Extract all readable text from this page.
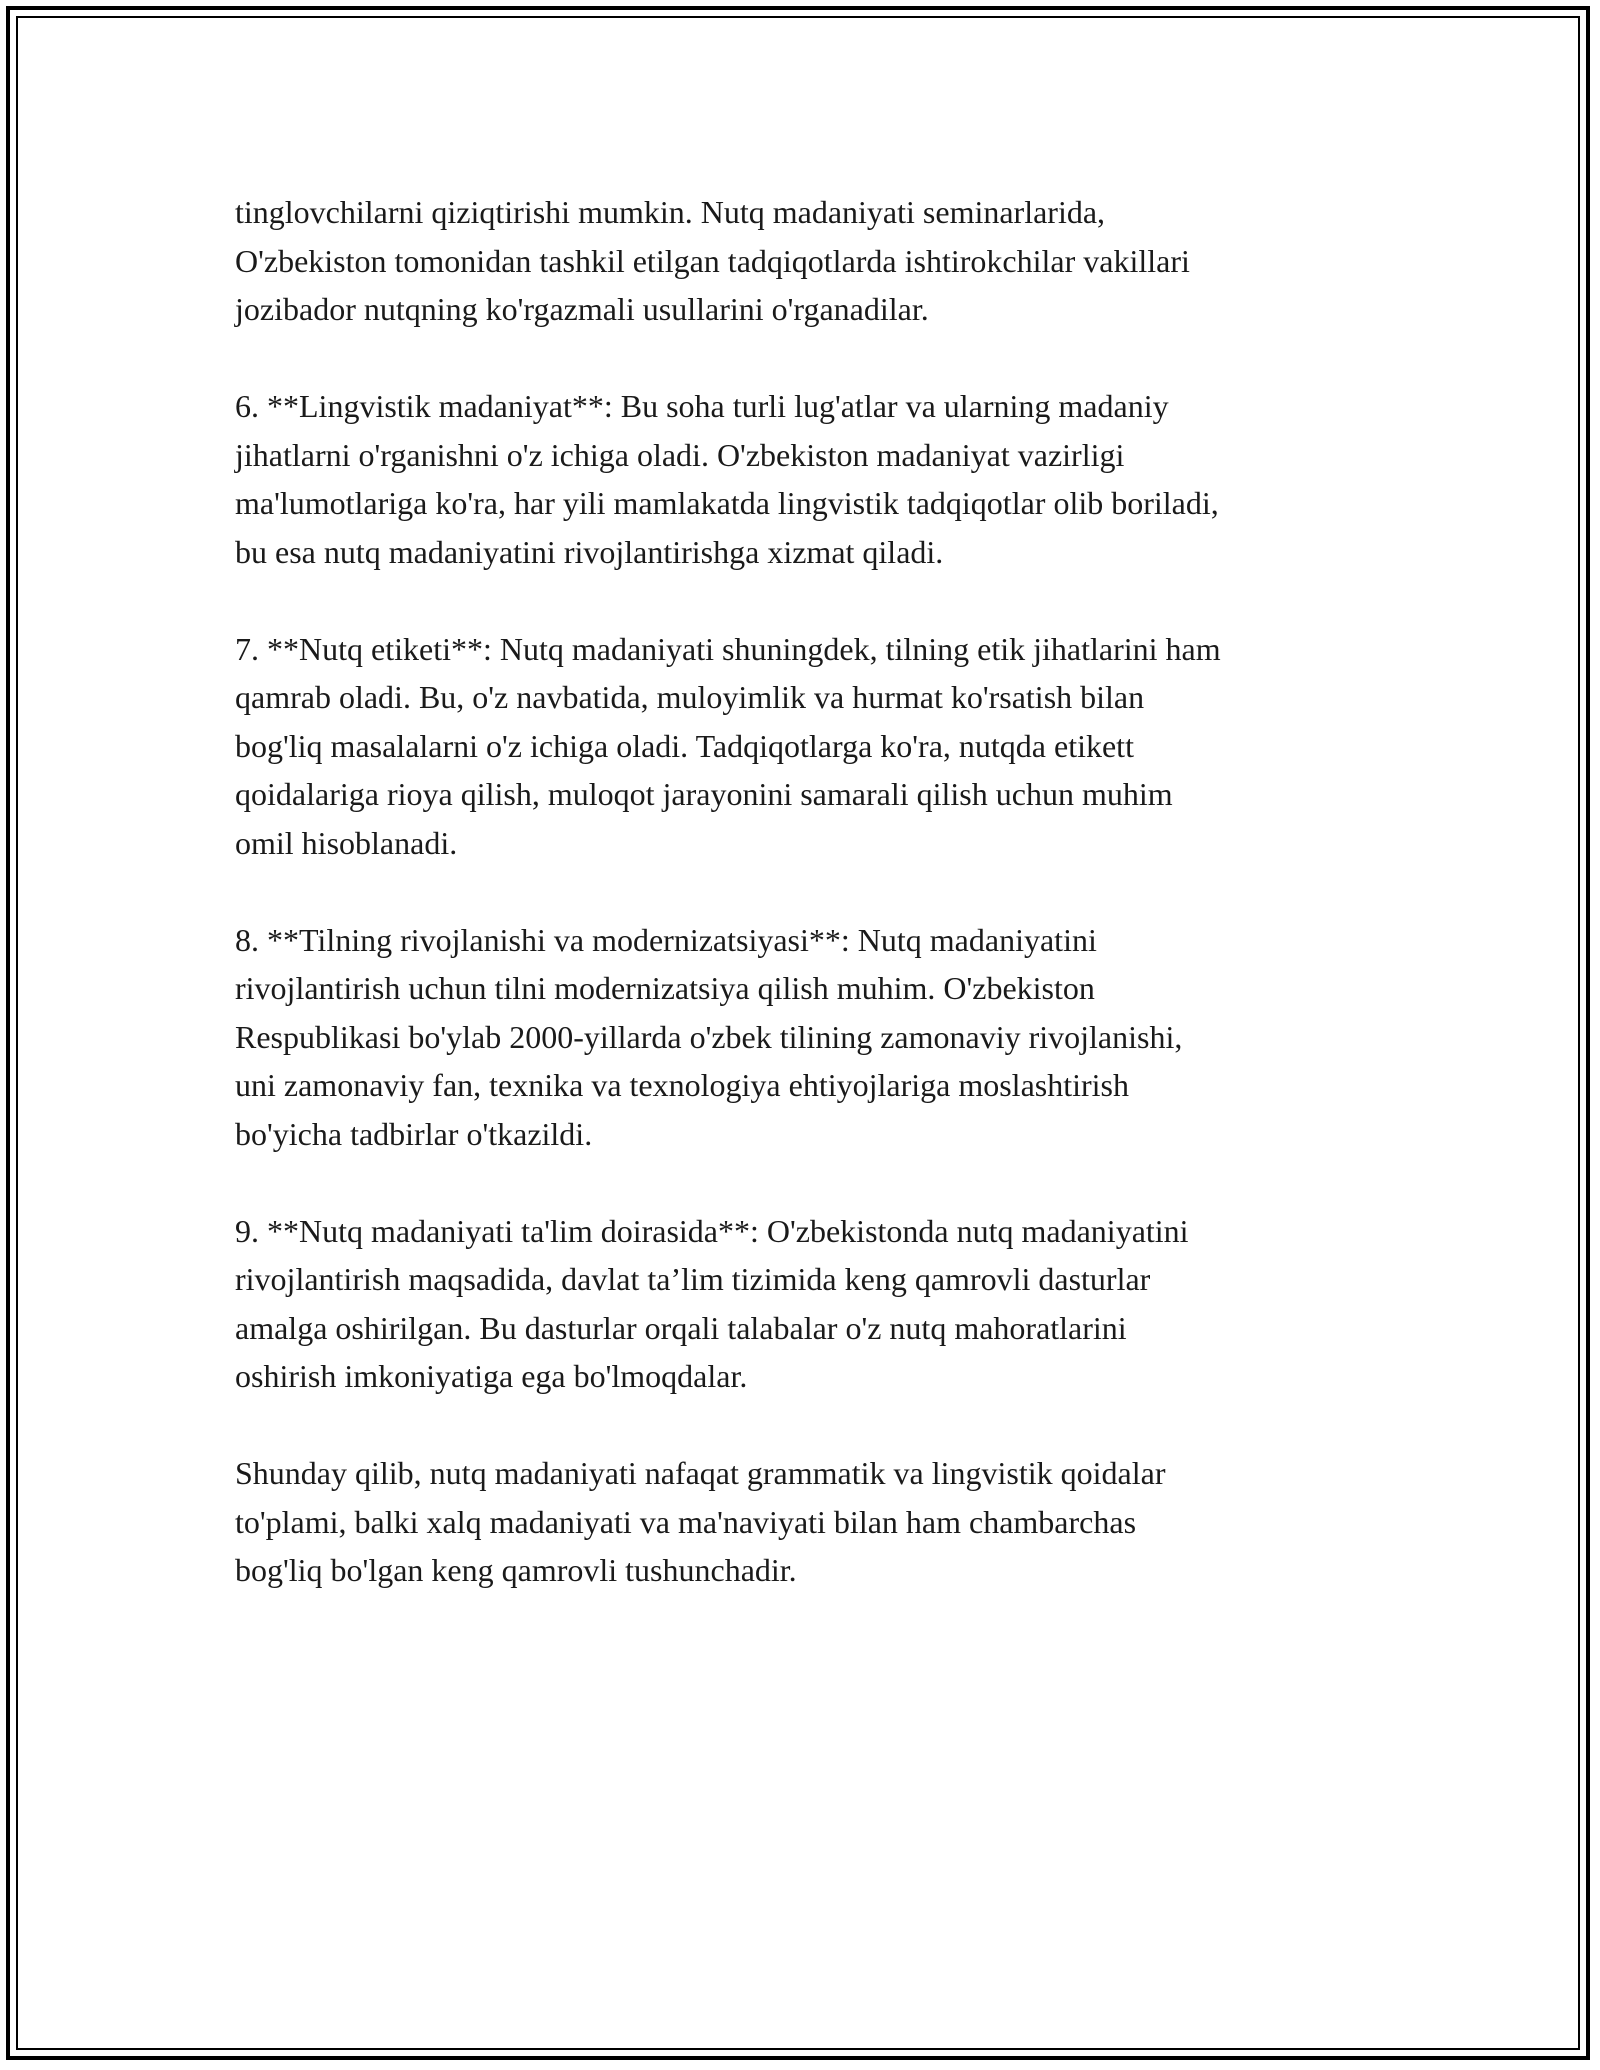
tinglovchilarni qiziqtirishi mumkin. Nutq madaniyati seminarlarida,
O'zbekiston tomonidan tashkil etilgan tadqiqotlarda ishtirokchilar vakillari
jozibador nutqning ko'rgazmali usullarini o'rganadilar.

6. **Lingvistik madaniyat**: Bu soha turli lug'atlar va ularning madaniy
jihatlarni o'rganishni o'z ichiga oladi. O'zbekiston madaniyat vazirligi
ma'lumotlariga ko'ra, har yili mamlakatda lingvistik tadqiqotlar olib boriladi,
bu esa nutq madaniyatini rivojlantirishga xizmat qiladi.

7. **Nutq etiketi**: Nutq madaniyati shuningdek, tilning etik jihatlarini ham
qamrab oladi. Bu, o'z navbatida, muloyimlik va hurmat ko'rsatish bilan
bog'liq masalalarni o'z ichiga oladi. Tadqiqotlarga ko'ra, nutqda etikett
qoidalariga rioya qilish, muloqot jarayonini samarali qilish uchun muhim
omil hisoblanadi.

8. **Tilning rivojlanishi va modernizatsiyasi**: Nutq madaniyatini
rivojlantirish uchun tilni modernizatsiya qilish muhim. O'zbekiston
Respublikasi bo'ylab 2000-yillarda o'zbek tilining zamonaviy rivojlanishi,
uni zamonaviy fan, texnika va texnologiya ehtiyojlariga moslashtirish
bo'yicha tadbirlar o'tkazildi.

9. **Nutq madaniyati ta'lim doirasida**: O'zbekistonda nutq madaniyatini
rivojlantirish maqsadida, davlat ta’lim tizimida keng qamrovli dasturlar
amalga oshirilgan. Bu dasturlar orqali talabalar o'z nutq mahoratlarini
oshirish imkoniyatiga ega bo'lmoqdalar.

Shunday qilib, nutq madaniyati nafaqat grammatik va lingvistik qoidalar
to'plami, balki xalq madaniyati va ma'naviyati bilan ham chambarchas
bog'liq bo'lgan keng qamrovli tushunchadir.
